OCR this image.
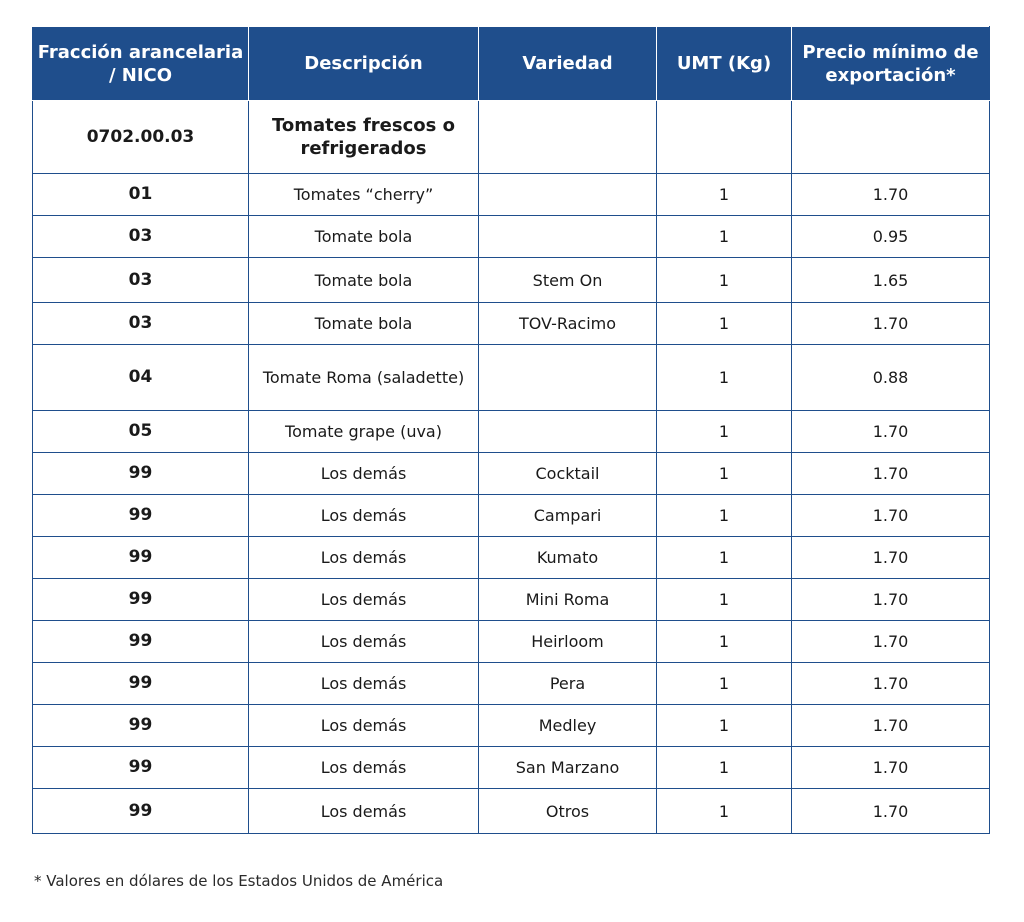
Fracción arancelaria / NICO	Descripción	Variedad	UMT (Kg)	Precio mínimo de exportación*
0702.00.03	Tomates frescos o refrigerados			
01	Tomates “cherry”		1	1.70
03	Tomate bola		1	0.95
03	Tomate bola	Stem On	1	1.65
03	Tomate bola	TOV-Racimo	1	1.70
04	Tomate Roma (saladette)		1	0.88
05	Tomate grape (uva)		1	1.70
99	Los demás	Cocktail	1	1.70
99	Los demás	Campari	1	1.70
99	Los demás	Kumato	1	1.70
99	Los demás	Mini Roma	1	1.70
99	Los demás	Heirloom	1	1.70
99	Los demás	Pera	1	1.70
99	Los demás	Medley	1	1.70
99	Los demás	San Marzano	1	1.70
99	Los demás	Otros	1	1.70
* Valores en dólares de los Estados Unidos de América
